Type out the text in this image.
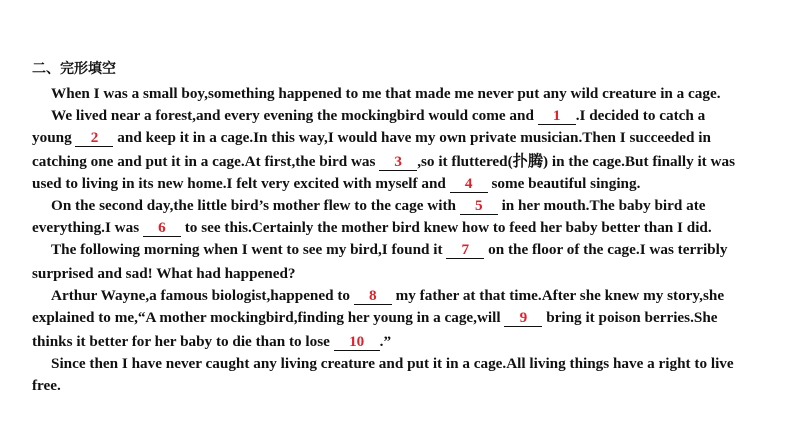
二、完形填空
When I was a small boy,something happened to me that made me never put any wild creature in a cage.
We lived near a forest,and every evening the mockingbird would come and 1 .I decided to catch a
young 2 and keep it in a cage.In this way,I would have my own private musician.Then I succeeded in
catching one and put it in a cage.At first,the bird was 3 ,so it fluttered(扑腾) in the cage.But finally it was
used to living in its new home.I felt very excited with myself and 4 some beautiful singing.
On the second day,the little bird’s mother flew to the cage with 5 in her mouth.The baby bird ate
everything.I was 6 to see this.Certainly the mother bird knew how to feed her baby better than I did.
The following morning when I went to see my bird,I found it 7 on the floor of the cage.I was terribly
surprised and sad! What had happened?
Arthur Wayne,a famous biologist,happened to 8 my father at that time.After she knew my story,she
explained to me,“A mother mockingbird,finding her young in a cage,will 9 bring it poison berries.She
thinks it better for her baby to die than to lose 10 .”
Since then I have never caught any living creature and put it in a cage.All living things have a right to live
free.
